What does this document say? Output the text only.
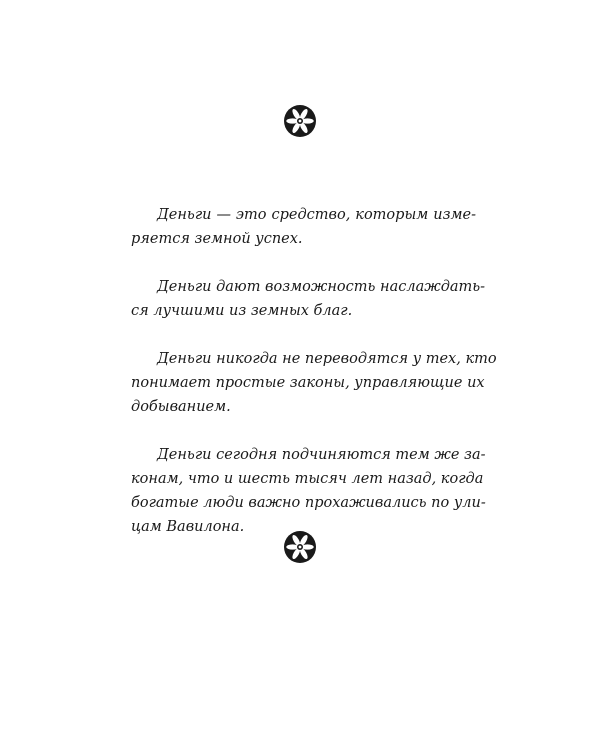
Деньги — это средство, которым изме-
ряется земной успех.

Деньги дают возможность наслаждать-
ся лучшими из земных благ.

Деньги никогда не переводятся у тех, кто
понимает простые законы, управляющие их
добыванием.

Деньги сегодня подчиняются тем же за-
конам, что и шесть тысяч лет назад, когда
богатые люди важно прохаживались по ули-
цам Вавилона.
